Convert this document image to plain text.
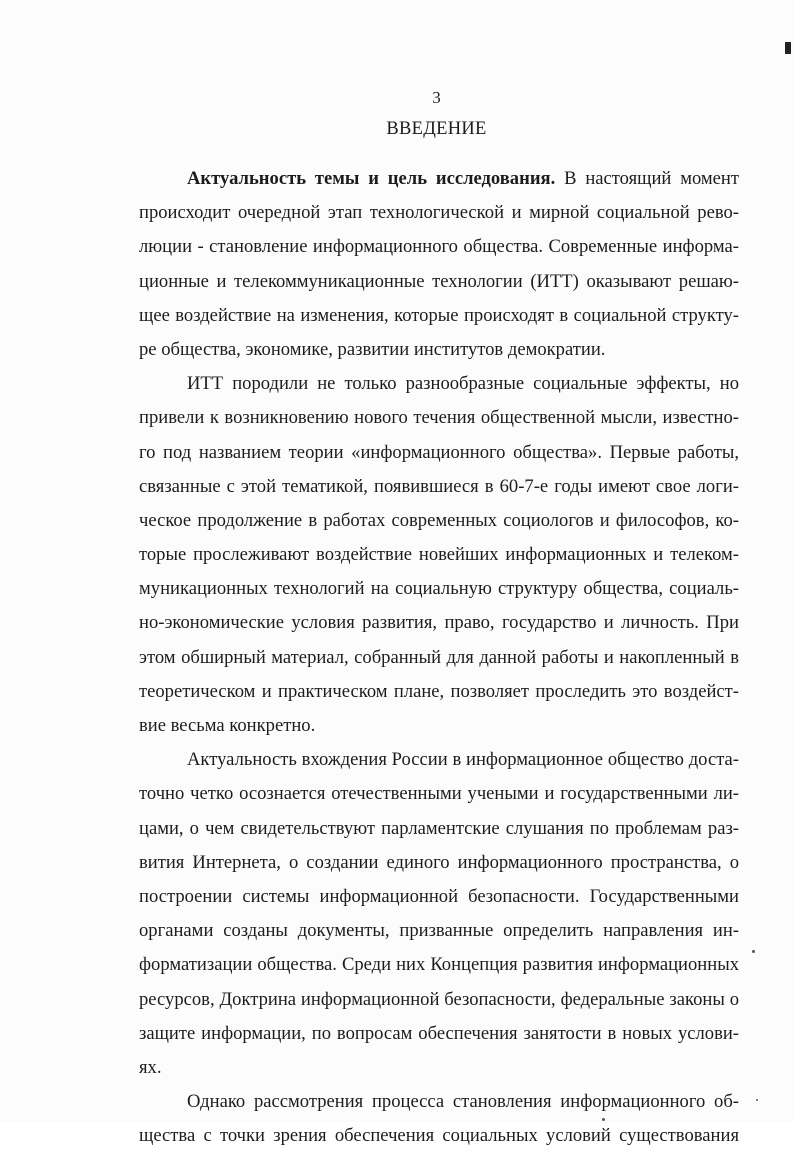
3
ВВЕДЕНИЕ
Актуальность темы и цель исследования. В настоящий момент
происходит очередной этап технологической и мирной социальной рево-
люции - становление информационного общества. Современные информа-
ционные и телекоммуникационные технологии (ИТТ) оказывают решаю-
щее воздействие на изменения, которые происходят в социальной структу-
ре общества, экономике, развитии институтов демократии.
ИТТ породили не только разнообразные социальные эффекты, но
привели к возникновению нового течения общественной мысли, известно-
го под названием теории «информационного общества». Первые работы,
связанные с этой тематикой, появившиеся в 60-7-е годы имеют свое логи-
ческое продолжение в работах современных социологов и философов, ко-
торые прослеживают воздействие новейших информационных и телеком-
муникационных технологий на социальную структуру общества, социаль-
но-экономические условия развития, право, государство и личность. При
этом обширный материал, собранный для данной работы и накопленный в
теоретическом и практическом плане, позволяет проследить это воздейст-
вие весьма конкретно.
Актуальность вхождения России в информационное общество доста-
точно четко осознается отечественными учеными и государственными ли-
цами, о чем свидетельствуют парламентские слушания по проблемам раз-
вития Интернета, о создании единого информационного пространства, о
построении системы информационной безопасности. Государственными
органами созданы документы, призванные определить направления ин-
форматизации общества. Среди них Концепция развития информационных
ресурсов, Доктрина информационной безопасности, федеральные законы о
защите информации, по вопросам обеспечения занятости в новых услови-
ях.
Однако рассмотрения процесса становления информационного об-
щества с точки зрения обеспечения социальных условий существования
